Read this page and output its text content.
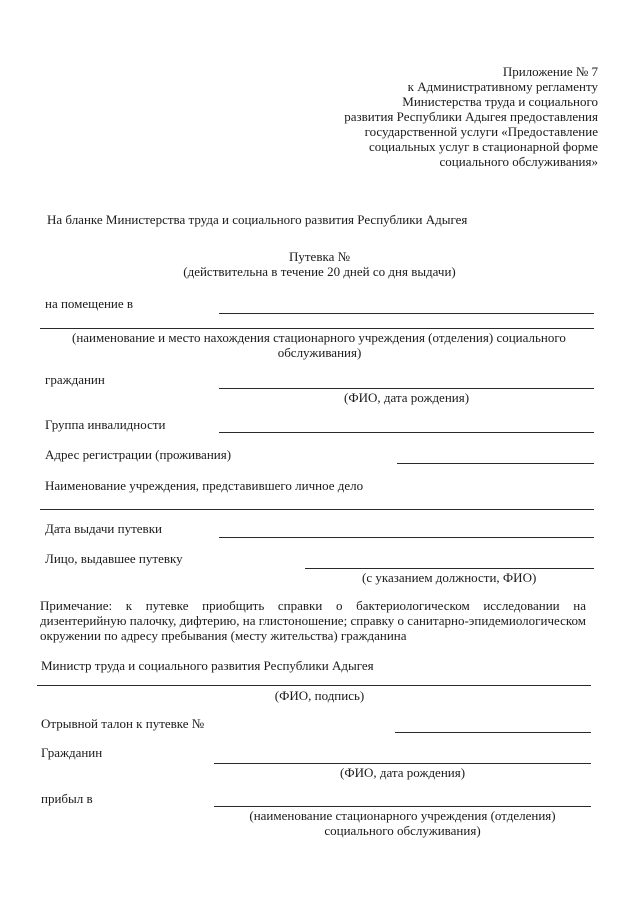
Приложение № 7
к Административному регламенту
Министерства труда и социального
развития Республики Адыгея предоставления
государственной услуги «Предоставление
социальных услуг в стационарной форме
социального обслуживания»
На бланке Министерства труда и социального развития Республики Адыгея
Путевка №
(действительна в течение 20 дней со дня выдачи)
на помещение в
(наименование и место нахождения стационарного учреждения (отделения) социального
обслуживания)
гражданин
(ФИО, дата рождения)
Группа инвалидности
Адрес регистрации (проживания)
Наименование учреждения, представившего личное дело
Дата выдачи путевки
Лицо, выдавшее путевку
(с указанием должности, ФИО)
Примечание: к путевке приобщить справки о бактериологическом исследовании на
дизентерийную палочку, дифтерию, на глистоношение; справку о санитарно-эпидемиологическом
окружении по адресу пребывания (месту жительства) гражданина
Министр труда и социального развития Республики Адыгея
(ФИО, подпись)
Отрывной талон к путевке №
Гражданин
(ФИО, дата рождения)
прибыл в
(наименование стационарного учреждения (отделения)
социального обслуживания)
